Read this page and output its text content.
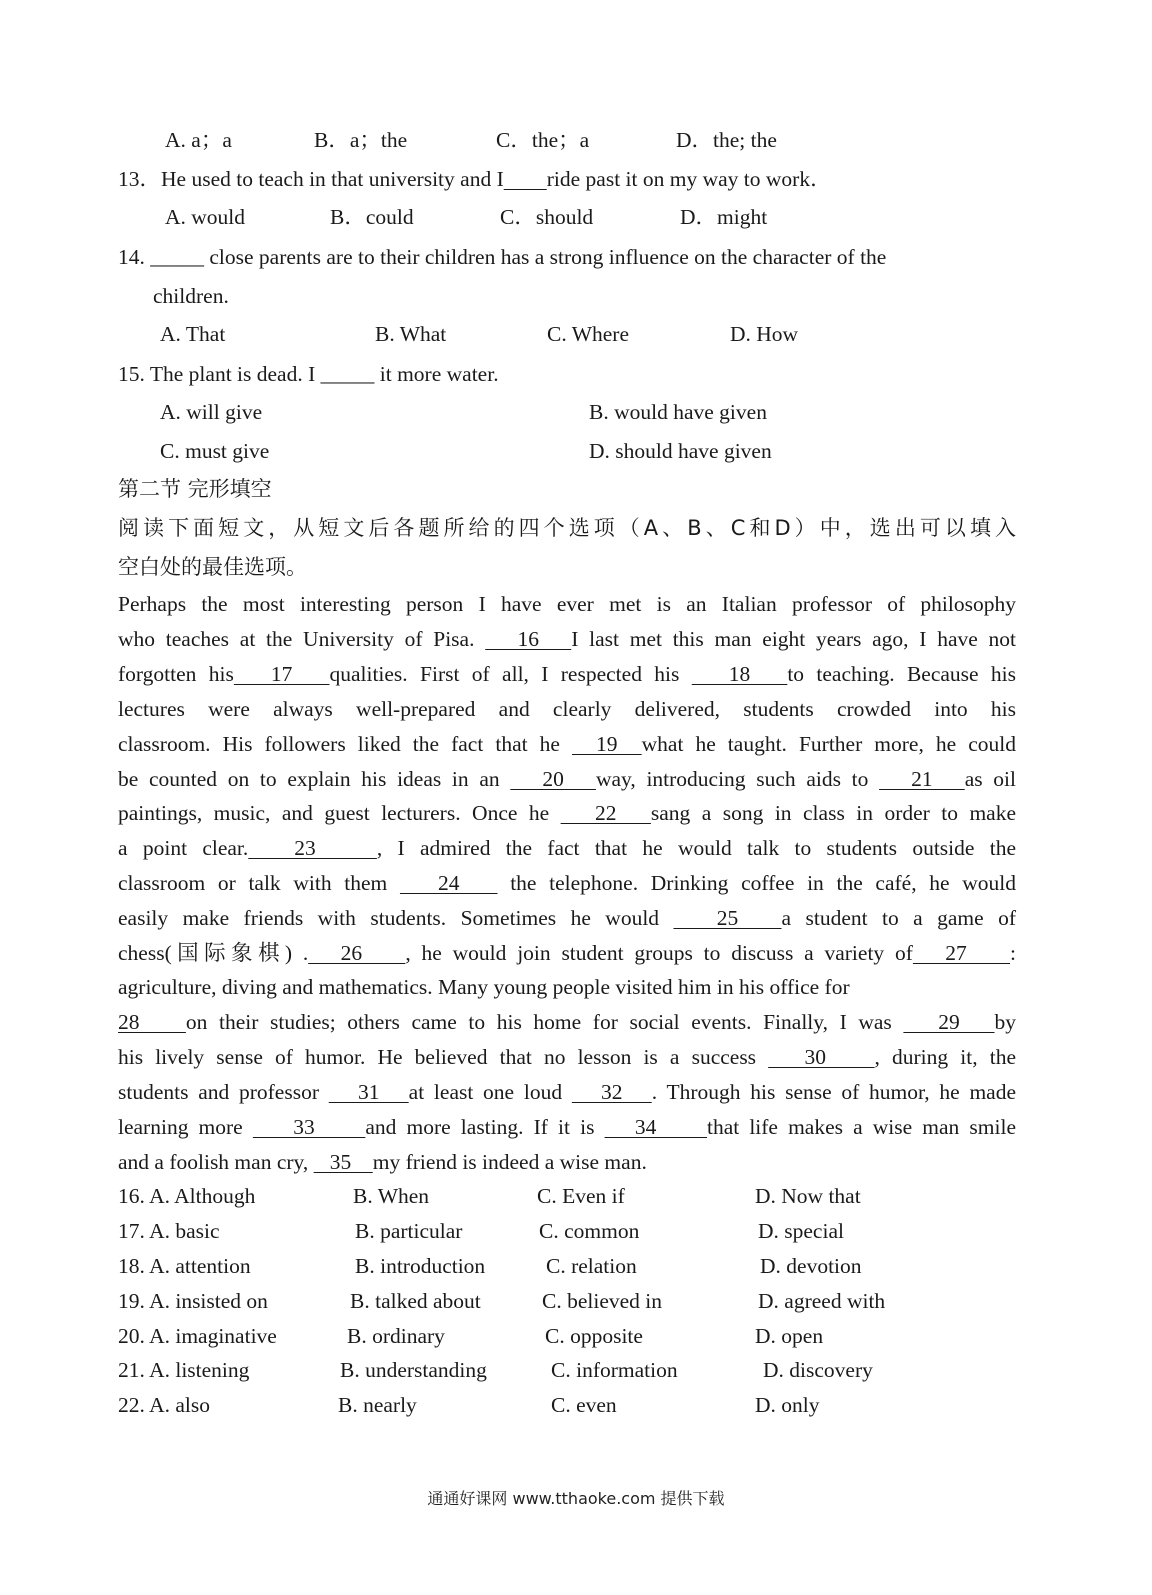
A. a；a	B．a；the	C．the；a	D．the; the
13．He used to teach in that university and I ride past it on my way to work．
A. would	B．could	C．should	D．might
14. _____ close parents are to their children has a strong influence on the character of the
children.
A. That	B. What	C. Where	D. How
15. The plant is dead. I _____ it more water.
A. will give	B. would have given
C. must give	D. should have given
第二节 完形填空
阅读下面短文，从短文后各题所给的四个选项（A、B、C和D）中，选出可以填入
空白处的最佳选项。
Perhaps the most interesting person I have ever met is an Italian professor of philosophy
who teaches at the University of Pisa.    16   I last met this man eight years ago, I have not
forgotten his   17   qualities. First of all, I respected his    18   to teaching. Because his
lectures were always well-prepared and clearly delivered, students crowded into his
classroom. His followers liked the fact that he   19  what he taught. Further more, he could
be counted on to explain his ideas in an    20   way, introducing such aids to    21   as oil
paintings, music, and guest lecturers. Once he    22   sang a song in class in order to make
a point clear.   23    , I admired the fact that he would talk to students outside the
classroom or talk with them    24    the telephone. Drinking coffee in the café, he would
easily make friends with students. Sometimes he would    25   a student to a game of
chess(国际象棋) .   26    , he would join student groups to discuss a variety of   27    :
agriculture, diving and mathematics. Many young people visited him in his office for
28    on their studies; others came to his home for social events. Finally, I was    29   by
his lively sense of humor. He believed that no lesson is a success    30    , during it, the
students and professor    31   at least one loud    32   . Through his sense of humor, he made
learning more     33     and more lasting. If it is    34     that life makes a wise man smile
and a foolish man cry,    35    my friend is indeed a wise man.
16. A. Although	B. When	C. Even if	D. Now that
17. A. basic	B. particular	C. common	D. special
18. A. attention	B. introduction	C. relation	D. devotion
19. A. insisted on	B. talked about	C. believed in	D. agreed with
20. A. imaginative	B. ordinary	C. opposite	D. open
21. A. listening	B. understanding	C. information	D. discovery
22. A. also	B. nearly	C. even	D. only
通通好课网 www.tthaoke.com 提供下载
